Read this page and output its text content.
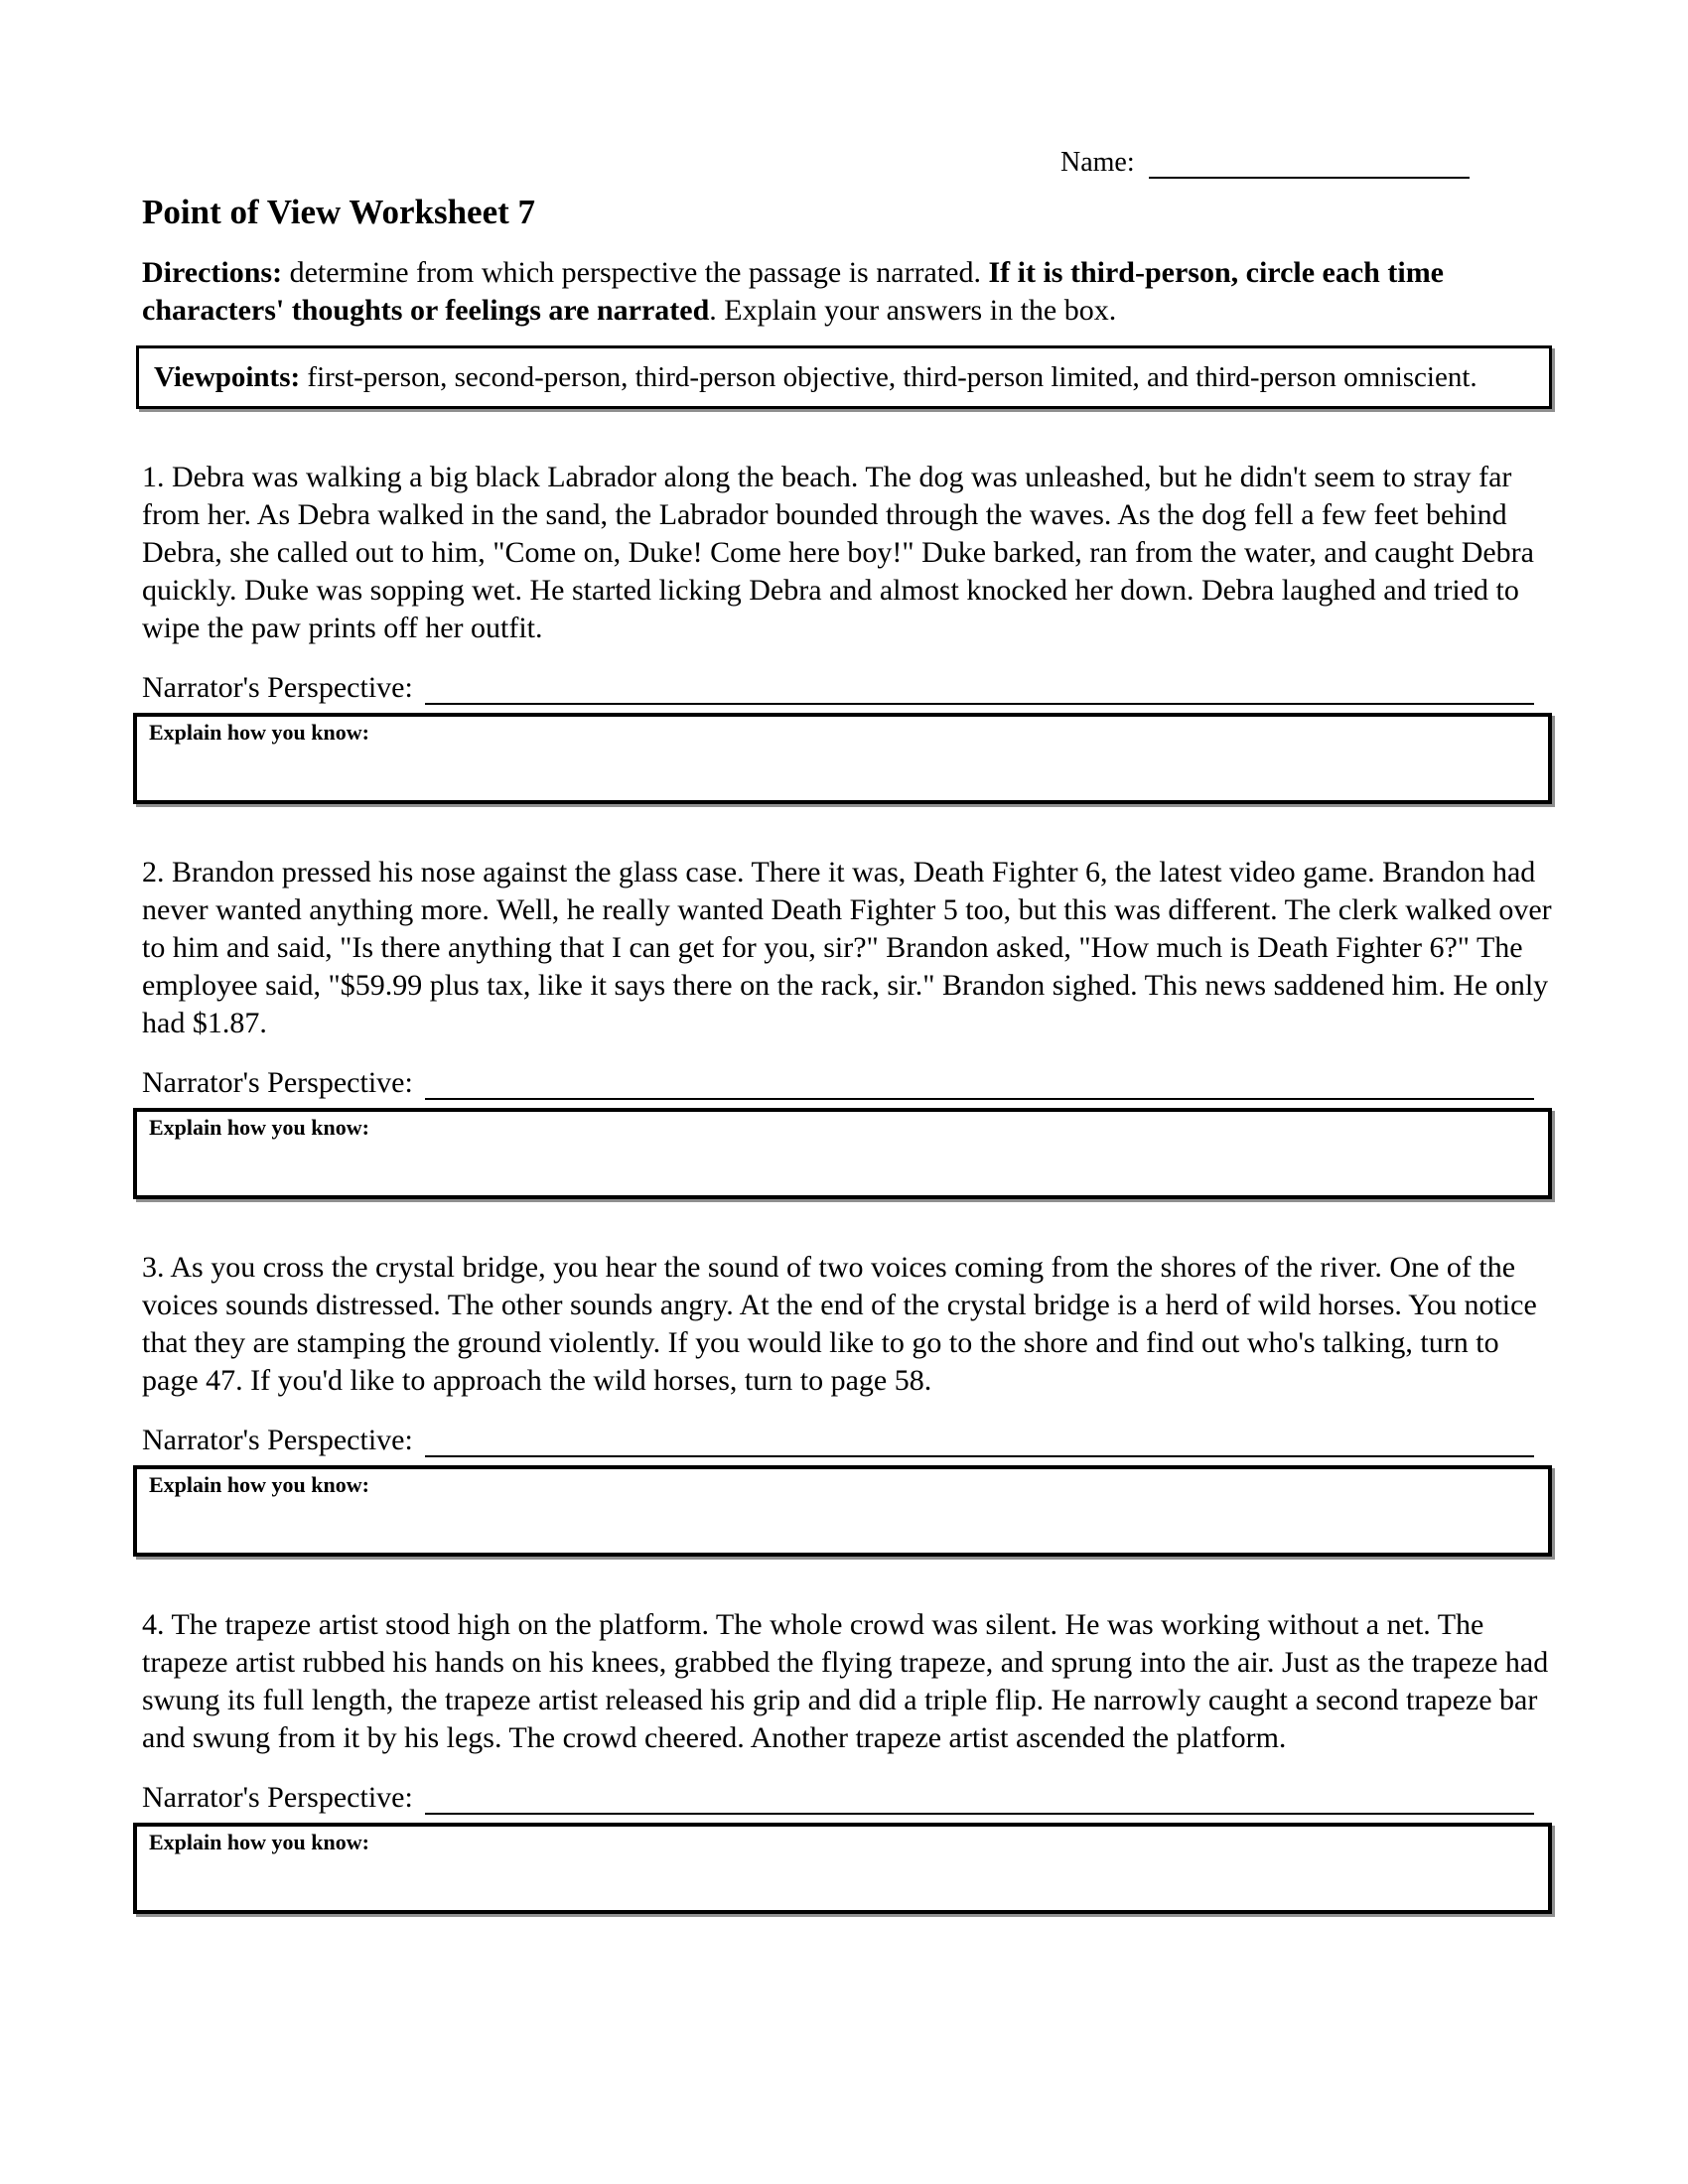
Name:
Point of View Worksheet 7

Directions: determine from which perspective the passage is narrated. If it is third-person, circle each time characters' thoughts or feelings are narrated. Explain your answers in the box.

Viewpoints: first-person, second-person, third-person objective, third-person limited, and third-person omniscient.

1. Debra was walking a big black Labrador along the beach. The dog was unleashed, but he didn't seem to stray far from her. As Debra walked in the sand, the Labrador bounded through the waves. As the dog fell a few feet behind Debra, she called out to him, "Come on, Duke! Come here boy!" Duke barked, ran from the water, and caught Debra quickly. Duke was sopping wet. He started licking Debra and almost knocked her down. Debra laughed and tried to wipe the paw prints off her outfit.

Narrator's Perspective:
Explain how you know:

2. Brandon pressed his nose against the glass case. There it was, Death Fighter 6, the latest video game. Brandon had never wanted anything more. Well, he really wanted Death Fighter 5 too, but this was different. The clerk walked over to him and said, "Is there anything that I can get for you, sir?" Brandon asked, "How much is Death Fighter 6?" The employee said, "$59.99 plus tax, like it says there on the rack, sir." Brandon sighed. This news saddened him. He only had $1.87.

Narrator's Perspective:
Explain how you know:

3. As you cross the crystal bridge, you hear the sound of two voices coming from the shores of the river. One of the voices sounds distressed. The other sounds angry. At the end of the crystal bridge is a herd of wild horses. You notice that they are stamping the ground violently. If you would like to go to the shore and find out who's talking, turn to page 47. If you'd like to approach the wild horses, turn to page 58.

Narrator's Perspective:
Explain how you know:

4. The trapeze artist stood high on the platform. The whole crowd was silent. He was working without a net. The trapeze artist rubbed his hands on his knees, grabbed the flying trapeze, and sprung into the air. Just as the trapeze had swung its full length, the trapeze artist released his grip and did a triple flip. He narrowly caught a second trapeze bar and swung from it by his legs. The crowd cheered. Another trapeze artist ascended the platform.

Narrator's Perspective:
Explain how you know:
